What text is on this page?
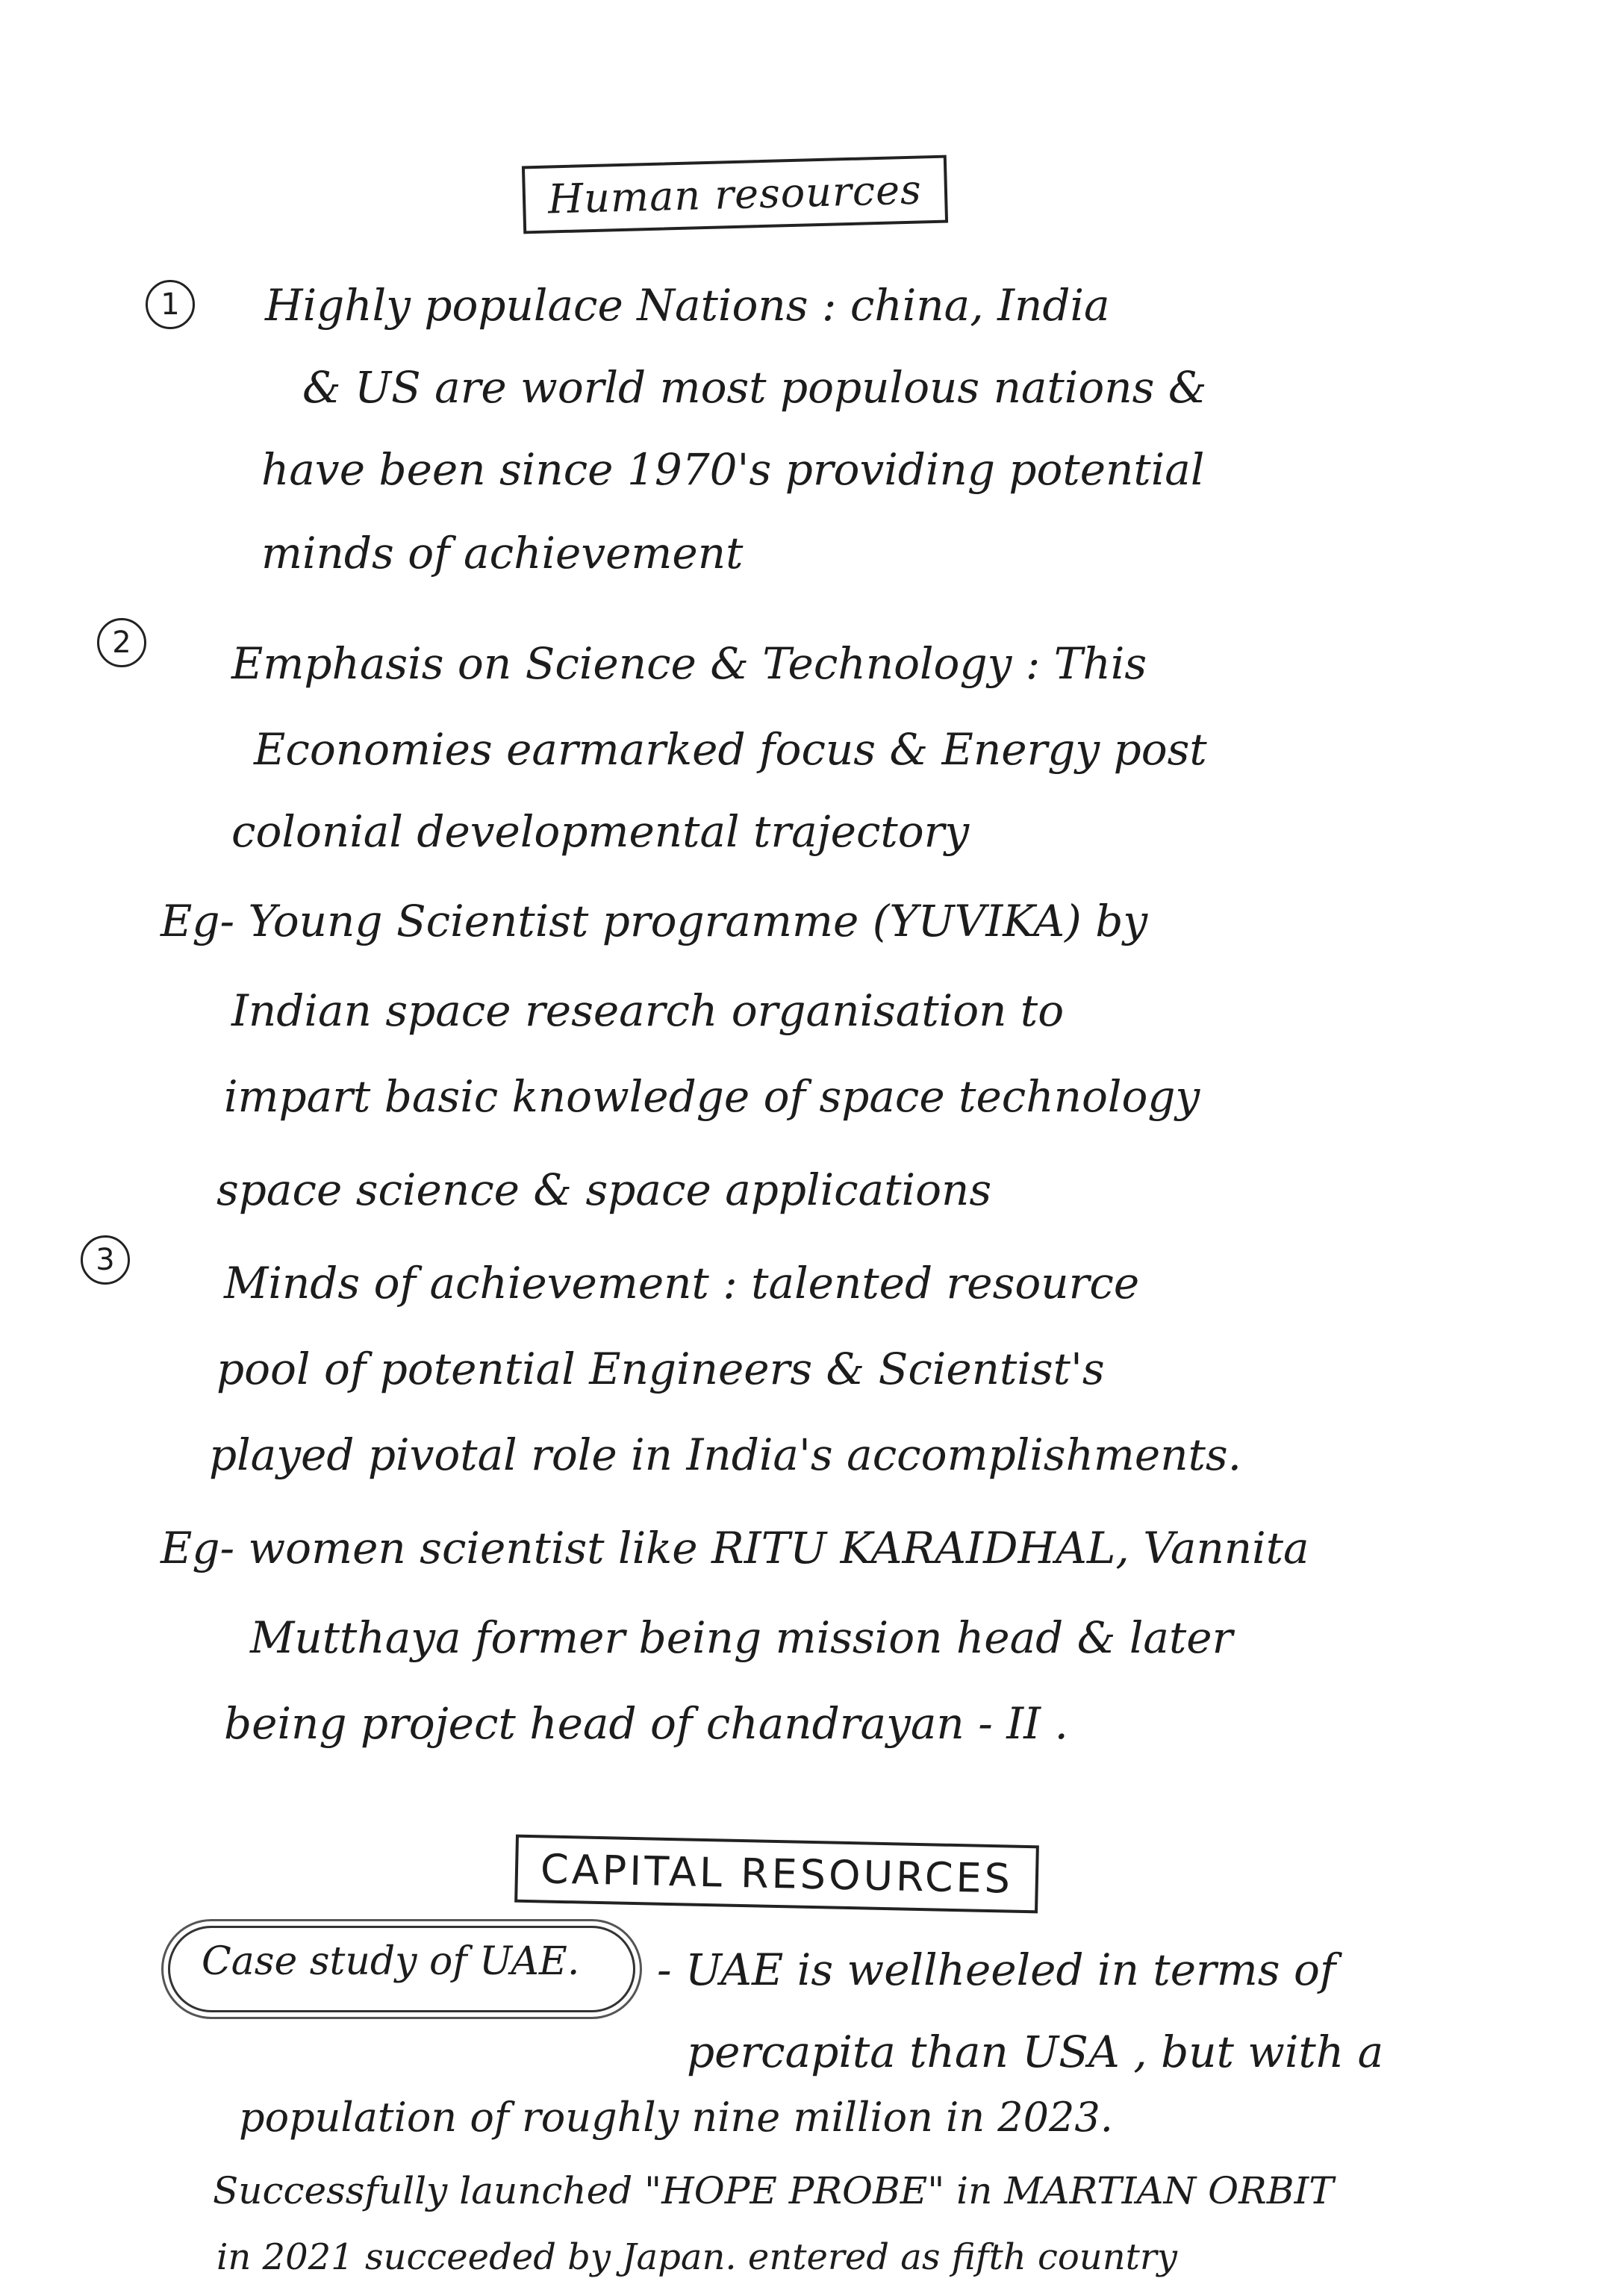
Human resources
1	Highly populace Nations : china, India
& US are world most populous nations &
have been since 1970's providing potential
minds of achievement
2	Emphasis on Science & Technology : This
Economies earmarked focus & Energy post
colonial developmental trajectory
Eg- Young Scientist programme (YUVIKA) by
Indian space research organisation to
impart basic knowledge of space technology
space science & space applications
3	Minds of achievement : talented resource
pool of potential Engineers & Scientist's
played pivotal role in India's accomplishments.
Eg- women scientist like RITU KARAIDHAL, Vannita
Mutthaya former being mission head & later
being project head of chandrayan - II .
CAPITAL RESOURCES
Case study of UAE. - UAE is wellheeled in terms of
percapita than USA , but with a
population of roughly nine million in 2023.
Successfully launched "HOPE PROBE" in MARTIAN ORBIT
in 2021 succeeded by Japan. entered as fifth country
